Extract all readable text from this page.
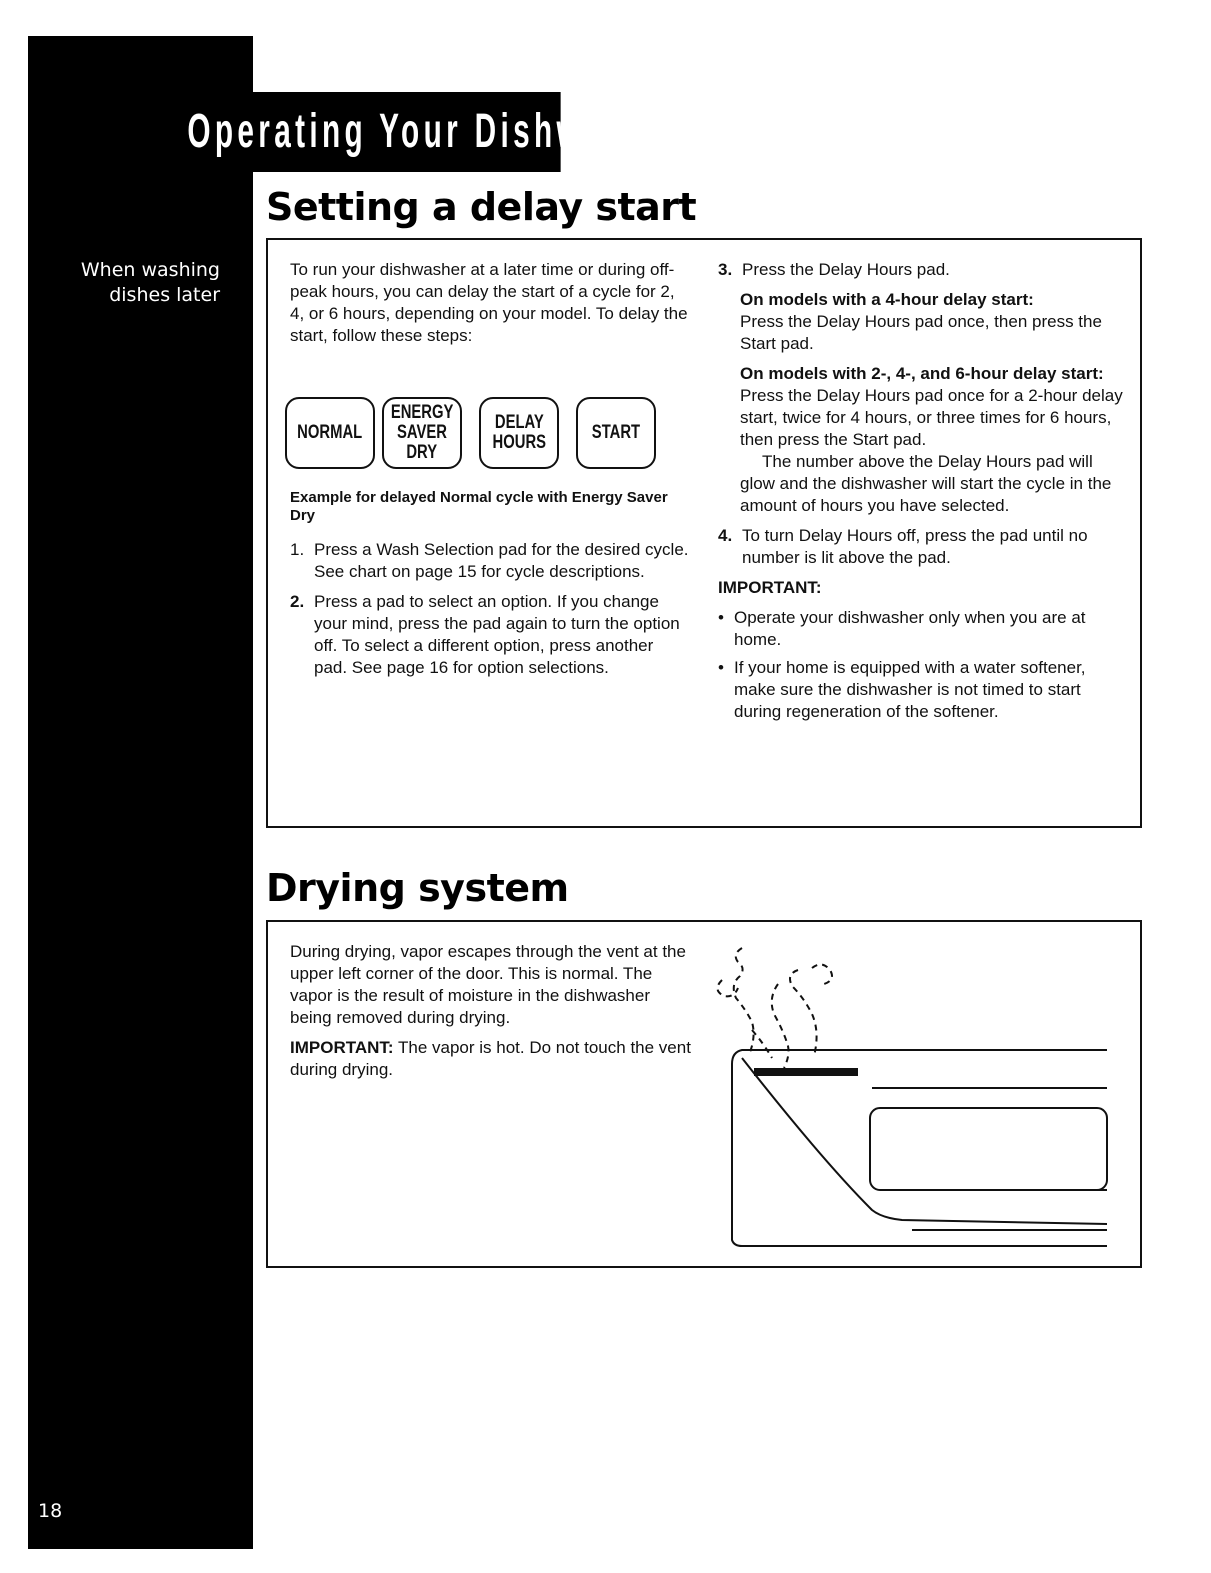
Operating Your Dishwasher
When washing dishes later
18
Setting a delay start

To run your dishwasher at a later time or during off-peak hours, you can delay the start of a cycle for 2, 4, or 6 hours, depending on your model. To delay the start, follow these steps:

NORMAL
ENERGY
SAVER
DRY
DELAY
HOURS START

Example for delayed Normal cycle with Energy Saver Dry

1. Press a Wash Selection pad for the desired cycle. See chart on page 15 for cycle descriptions.
2. Press a pad to select an option. If you change your mind, press the pad again to turn the option off. To select a different option, press another pad. See page 16 for option selections.
3. Press the Delay Hours pad.
On models with a 4-hour delay start:

Press the Delay Hours pad once, then press the Start pad.

On models with 2-, 4-, and 6-hour delay start:
Press the Delay Hours pad once for a 2-hour delay start, twice for 4 hours, or three times for 6 hours, then press the Start pad.

The number above the Delay Hours pad will glow and the dishwasher will start the cycle in the amount of hours you have selected.

4. To turn Delay Hours off, press the pad until no number is lit above the pad.

IMPORTANT:

• Operate your dishwasher only when you are at home.
• If your home is equipped with a water softener, make sure the dishwasher is not timed to start during regeneration of the softener.
Drying system

During drying, vapor escapes through the vent at the upper left corner of the door. This is normal. The vapor is the result of moisture in the dishwasher being removed during drying.

IMPORTANT: The vapor is hot. Do not touch the vent during drying.
